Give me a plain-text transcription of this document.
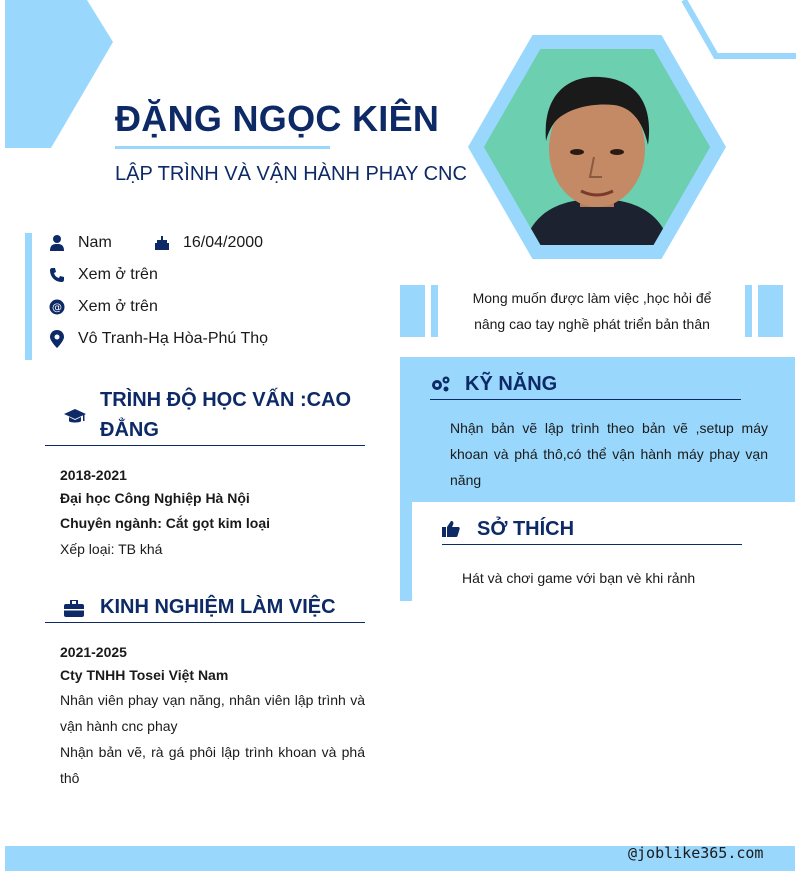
ĐẶNG NGỌC KIÊN
LẬP TRÌNH VÀ VẬN HÀNH PHAY CNC
Nam	16/04/2000
Xem ở trên
@ Xem ở trên
Vô Tranh-Hạ Hòa-Phú Thọ
Mong muốn được làm việc ,học hỏi để
nâng cao tay nghề phát triển bản thân
TRÌNH ĐỘ HỌC VẤN :CAO
ĐẲNG
2018-2021
Đại học Công Nghiệp Hà Nội
Chuyên ngành: Cắt gọt kim loại
Xếp loại: TB khá
KINH NGHIỆM LÀM VIỆC
2021-2025
Cty TNHH Tosei Việt Nam
Nhân viên phay vạn năng, nhân viên lập trình và vận hành cnc phay
Nhận bản vẽ, rà gá phôi lập trình khoan và phá thô
KỸ NĂNG
Nhận bản vẽ lập trình theo bản vẽ ,setup máy khoan và phá thô,có thể vận hành máy phay vạn năng
SỞ THÍCH
Hát và chơi game với bạn vè khi rảnh
@joblike365.com
